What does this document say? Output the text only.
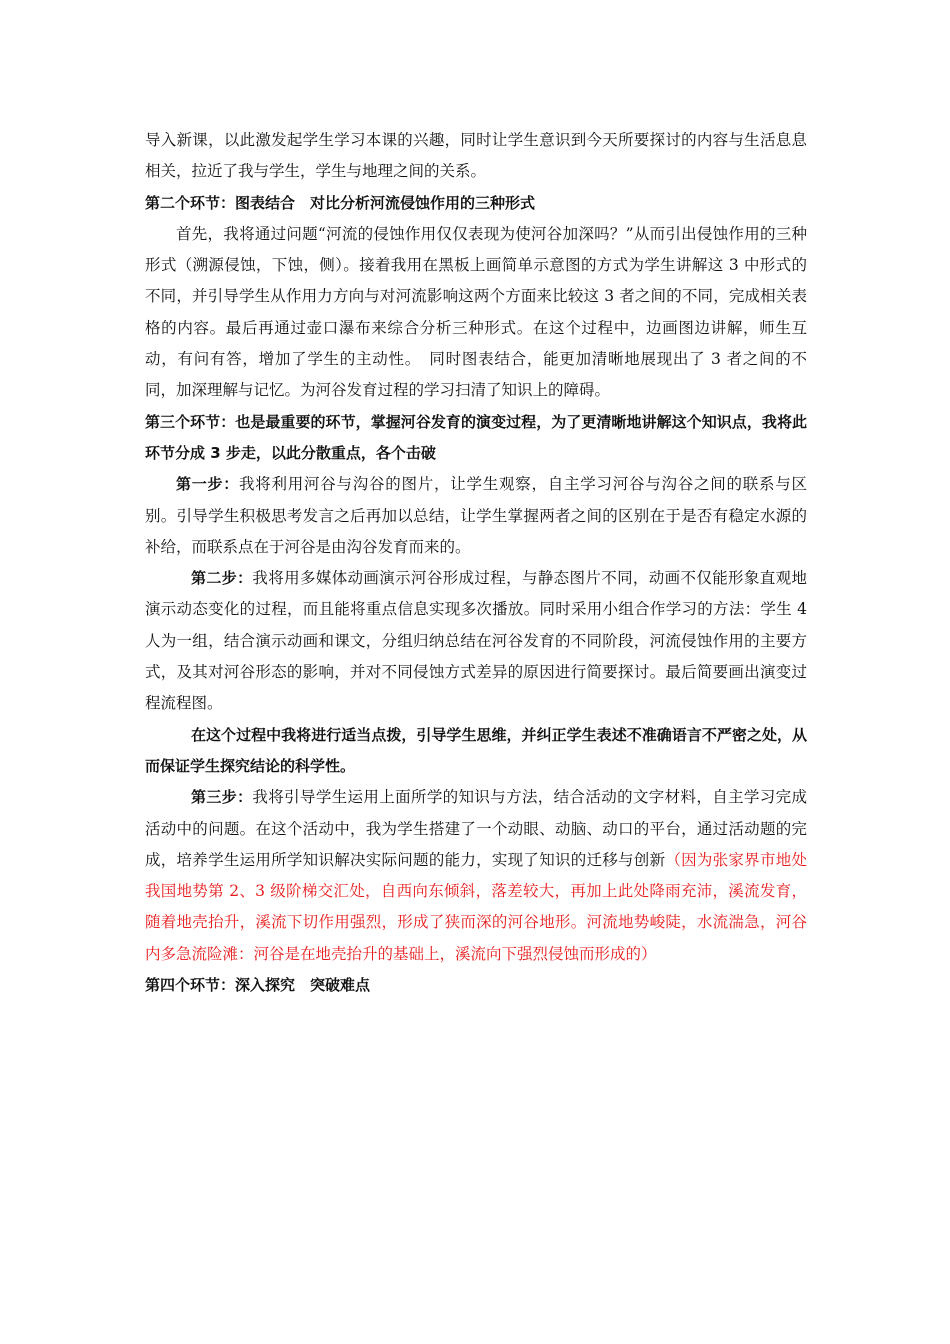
导入新课，以此激发起学生学习本课的兴趣，同时让学生意识到今天所要探讨的内容与生活息息相关，拉近了我与学生，学生与地理之间的关系。

第二个环节：图表结合　对比分析河流侵蚀作用的三种形式

首先，我将通过问题“河流的侵蚀作用仅仅表现为使河谷加深吗？”从而引出侵蚀作用的三种形式（溯源侵蚀，下蚀，侧）。接着我用在黑板上画简单示意图的方式为学生讲解这 3 中形式的不同，并引导学生从作用力方向与对河流影响这两个方面来比较这 3 者之间的不同，完成相关表格的内容。最后再通过壶口瀑布来综合分析三种形式。在这个过程中，边画图边讲解，师生互动，有问有答，增加了学生的主动性。　同时图表结合，能更加清晰地展现出了 3 者之间的不同，加深理解与记忆。为河谷发育过程的学习扫清了知识上的障碍。

第三个环节：也是最重要的环节，掌握河谷发育的演变过程，为了更清晰地讲解这个知识点，我将此环节分成 3 步走，以此分散重点，各个击破

第一步：我将利用河谷与沟谷的图片，让学生观察，自主学习河谷与沟谷之间的联系与区别。引导学生积极思考发言之后再加以总结，让学生掌握两者之间的区别在于是否有稳定水源的补给，而联系点在于河谷是由沟谷发育而来的。

第二步：我将用多媒体动画演示河谷形成过程，与静态图片不同，动画不仅能形象直观地演示动态变化的过程，而且能将重点信息实现多次播放。同时采用小组合作学习的方法：学生 4 人为一组，结合演示动画和课文，分组归纳总结在河谷发育的不同阶段，河流侵蚀作用的主要方式，及其对河谷形态的影响，并对不同侵蚀方式差异的原因进行简要探讨。最后简要画出演变过程流程图。

在这个过程中我将进行适当点拨，引导学生思维，并纠正学生表述不准确语言不严密之处，从而保证学生探究结论的科学性。

第三步：我将引导学生运用上面所学的知识与方法，结合活动的文字材料，自主学习完成活动中的问题。在这个活动中，我为学生搭建了一个动眼、动脑、动口的平台，通过活动题的完成，培养学生运用所学知识解决实际问题的能力，实现了知识的迁移与创新（因为张家界市地处我国地势第 2、3 级阶梯交汇处，自西向东倾斜，落差较大，再加上此处降雨充沛，溪流发育，随着地壳抬升，溪流下切作用强烈，形成了狭而深的河谷地形。河流地势峻陡，水流湍急，河谷内多急流险滩：河谷是在地壳抬升的基础上，溪流向下强烈侵蚀而形成的）

第四个环节：深入探究　突破难点
